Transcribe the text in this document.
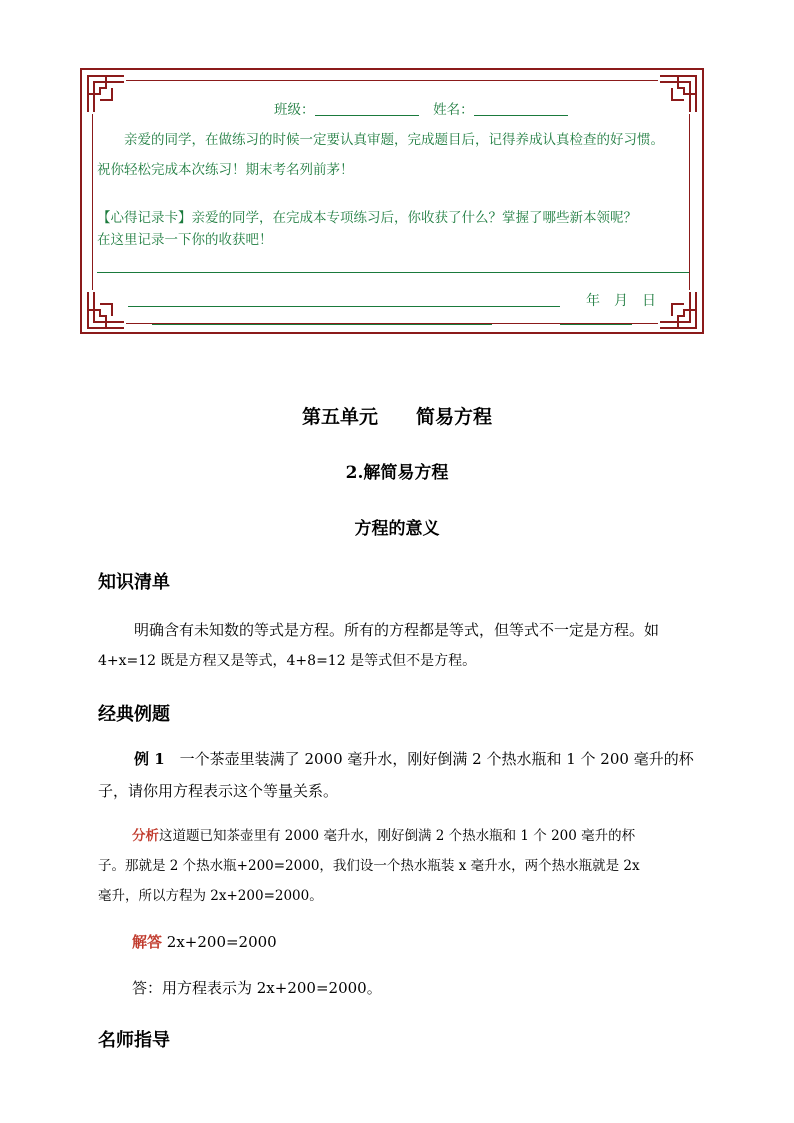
班级：	姓名：
亲爱的同学，在做练习的时候一定要认真审题，完成题目后，记得养成认真检查的好习惯。
祝你轻松完成本次练习！期末考名列前茅！
【心得记录卡】亲爱的同学，在完成本专项练习后，你收获了什么？掌握了哪些新本领呢？
在这里记录一下你的收获吧！
年　月　日
第五单元　　简易方程
2.解简易方程
方程的意义
知识清单
明确含有未知数的等式是方程。所有的方程都是等式，但等式不一定是方程。如
4+x=12 既是方程又是等式，4+8=12 是等式但不是方程。
经典例题
例 1　一个茶壶里装满了 2000 毫升水，刚好倒满 2 个热水瓶和 1 个 200 毫升的杯
子，请你用方程表示这个等量关系。
分析这道题已知茶壶里有 2000 毫升水，刚好倒满 2 个热水瓶和 1 个 200 毫升的杯
子。那就是 2 个热水瓶+200=2000，我们设一个热水瓶装 x 毫升水，两个热水瓶就是 2x
毫升，所以方程为 2x+200=2000。
解答 2x+200=2000
答：用方程表示为 2x+200=2000。
名师指导
